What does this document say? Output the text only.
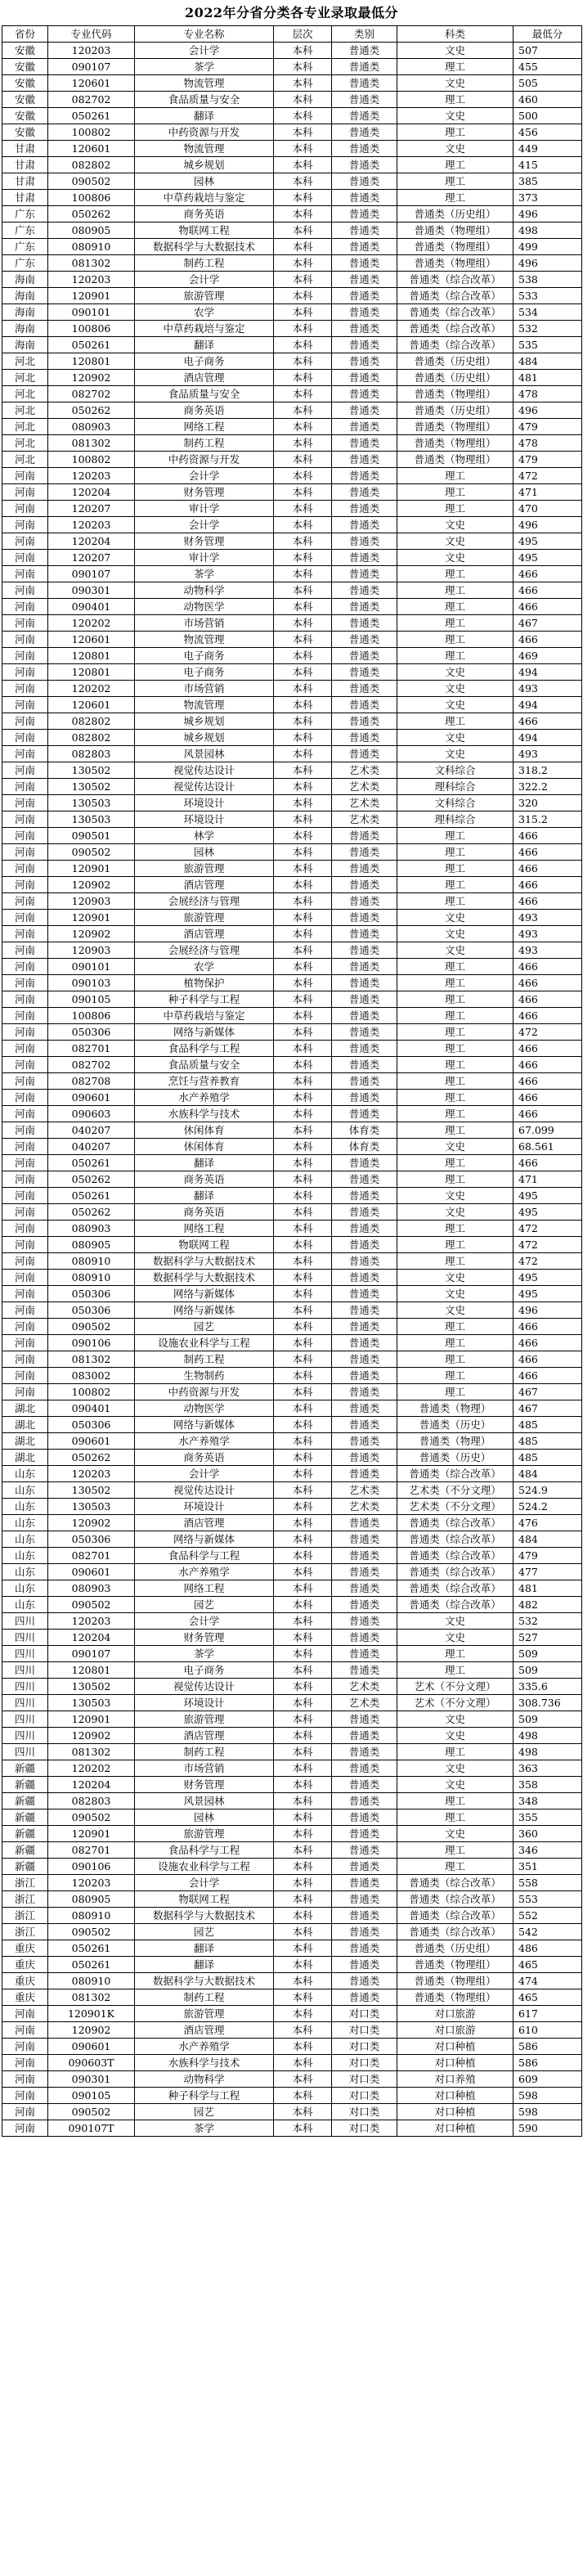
2022年分省分类各专业录取最低分
省份	专业代码	专业名称	层次	类别	科类	最低分
安徽	120203	会计学	本科	普通类	文史	507
安徽	090107	茶学	本科	普通类	理工	455
安徽	120601	物流管理	本科	普通类	文史	505
安徽	082702	食品质量与安全	本科	普通类	理工	460
安徽	050261	翻译	本科	普通类	文史	500
安徽	100802	中药资源与开发	本科	普通类	理工	456
甘肃	120601	物流管理	本科	普通类	文史	449
甘肃	082802	城乡规划	本科	普通类	理工	415
甘肃	090502	园林	本科	普通类	理工	385
甘肃	100806	中草药栽培与鉴定	本科	普通类	理工	373
广东	050262	商务英语	本科	普通类	普通类（历史组）	496
广东	080905	物联网工程	本科	普通类	普通类（物理组）	498
广东	080910	数据科学与大数据技术	本科	普通类	普通类（物理组）	499
广东	081302	制药工程	本科	普通类	普通类（物理组）	496
海南	120203	会计学	本科	普通类	普通类（综合改革）	538
海南	120901	旅游管理	本科	普通类	普通类（综合改革）	533
海南	090101	农学	本科	普通类	普通类（综合改革）	534
海南	100806	中草药栽培与鉴定	本科	普通类	普通类（综合改革）	532
海南	050261	翻译	本科	普通类	普通类（综合改革）	535
河北	120801	电子商务	本科	普通类	普通类（历史组）	484
河北	120902	酒店管理	本科	普通类	普通类（历史组）	481
河北	082702	食品质量与安全	本科	普通类	普通类（物理组）	478
河北	050262	商务英语	本科	普通类	普通类（历史组）	496
河北	080903	网络工程	本科	普通类	普通类（物理组）	479
河北	081302	制药工程	本科	普通类	普通类（物理组）	478
河北	100802	中药资源与开发	本科	普通类	普通类（物理组）	479
河南	120203	会计学	本科	普通类	理工	472
河南	120204	财务管理	本科	普通类	理工	471
河南	120207	审计学	本科	普通类	理工	470
河南	120203	会计学	本科	普通类	文史	496
河南	120204	财务管理	本科	普通类	文史	495
河南	120207	审计学	本科	普通类	文史	495
河南	090107	茶学	本科	普通类	理工	466
河南	090301	动物科学	本科	普通类	理工	466
河南	090401	动物医学	本科	普通类	理工	466
河南	120202	市场营销	本科	普通类	理工	467
河南	120601	物流管理	本科	普通类	理工	466
河南	120801	电子商务	本科	普通类	理工	469
河南	120801	电子商务	本科	普通类	文史	494
河南	120202	市场营销	本科	普通类	文史	493
河南	120601	物流管理	本科	普通类	文史	494
河南	082802	城乡规划	本科	普通类	理工	466
河南	082802	城乡规划	本科	普通类	文史	494
河南	082803	风景园林	本科	普通类	文史	493
河南	130502	视觉传达设计	本科	艺术类	文科综合	318.2
河南	130502	视觉传达设计	本科	艺术类	理科综合	322.2
河南	130503	环境设计	本科	艺术类	文科综合	320
河南	130503	环境设计	本科	艺术类	理科综合	315.2
河南	090501	林学	本科	普通类	理工	466
河南	090502	园林	本科	普通类	理工	466
河南	120901	旅游管理	本科	普通类	理工	466
河南	120902	酒店管理	本科	普通类	理工	466
河南	120903	会展经济与管理	本科	普通类	理工	466
河南	120901	旅游管理	本科	普通类	文史	493
河南	120902	酒店管理	本科	普通类	文史	493
河南	120903	会展经济与管理	本科	普通类	文史	493
河南	090101	农学	本科	普通类	理工	466
河南	090103	植物保护	本科	普通类	理工	466
河南	090105	种子科学与工程	本科	普通类	理工	466
河南	100806	中草药栽培与鉴定	本科	普通类	理工	466
河南	050306	网络与新媒体	本科	普通类	理工	472
河南	082701	食品科学与工程	本科	普通类	理工	466
河南	082702	食品质量与安全	本科	普通类	理工	466
河南	082708	烹饪与营养教育	本科	普通类	理工	466
河南	090601	水产养殖学	本科	普通类	理工	466
河南	090603	水族科学与技术	本科	普通类	理工	466
河南	040207	休闲体育	本科	体育类	理工	67.099
河南	040207	休闲体育	本科	体育类	文史	68.561
河南	050261	翻译	本科	普通类	理工	466
河南	050262	商务英语	本科	普通类	理工	471
河南	050261	翻译	本科	普通类	文史	495
河南	050262	商务英语	本科	普通类	文史	495
河南	080903	网络工程	本科	普通类	理工	472
河南	080905	物联网工程	本科	普通类	理工	472
河南	080910	数据科学与大数据技术	本科	普通类	理工	472
河南	080910	数据科学与大数据技术	本科	普通类	文史	495
河南	050306	网络与新媒体	本科	普通类	文史	495
河南	050306	网络与新媒体	本科	普通类	文史	496
河南	090502	园艺	本科	普通类	理工	466
河南	090106	设施农业科学与工程	本科	普通类	理工	466
河南	081302	制药工程	本科	普通类	理工	466
河南	083002	生物制药	本科	普通类	理工	466
河南	100802	中药资源与开发	本科	普通类	理工	467
湖北	090401	动物医学	本科	普通类	普通类（物理）	467
湖北	050306	网络与新媒体	本科	普通类	普通类（历史）	485
湖北	090601	水产养殖学	本科	普通类	普通类（物理）	485
湖北	050262	商务英语	本科	普通类	普通类（历史）	485
山东	120203	会计学	本科	普通类	普通类（综合改革）	484
山东	130502	视觉传达设计	本科	艺术类	艺术类（不分文理）	524.9
山东	130503	环境设计	本科	艺术类	艺术类（不分文理）	524.2
山东	120902	酒店管理	本科	普通类	普通类（综合改革）	476
山东	050306	网络与新媒体	本科	普通类	普通类（综合改革）	484
山东	082701	食品科学与工程	本科	普通类	普通类（综合改革）	479
山东	090601	水产养殖学	本科	普通类	普通类（综合改革）	477
山东	080903	网络工程	本科	普通类	普通类（综合改革）	481
山东	090502	园艺	本科	普通类	普通类（综合改革）	482
四川	120203	会计学	本科	普通类	文史	532
四川	120204	财务管理	本科	普通类	文史	527
四川	090107	茶学	本科	普通类	理工	509
四川	120801	电子商务	本科	普通类	理工	509
四川	130502	视觉传达设计	本科	艺术类	艺术（不分文理）	335.6
四川	130503	环境设计	本科	艺术类	艺术（不分文理）	308.736
四川	120901	旅游管理	本科	普通类	文史	509
四川	120902	酒店管理	本科	普通类	文史	498
四川	081302	制药工程	本科	普通类	理工	498
新疆	120202	市场营销	本科	普通类	文史	363
新疆	120204	财务管理	本科	普通类	文史	358
新疆	082803	风景园林	本科	普通类	理工	348
新疆	090502	园林	本科	普通类	理工	355
新疆	120901	旅游管理	本科	普通类	文史	360
新疆	082701	食品科学与工程	本科	普通类	理工	346
新疆	090106	设施农业科学与工程	本科	普通类	理工	351
浙江	120203	会计学	本科	普通类	普通类（综合改革）	558
浙江	080905	物联网工程	本科	普通类	普通类（综合改革）	553
浙江	080910	数据科学与大数据技术	本科	普通类	普通类（综合改革）	552
浙江	090502	园艺	本科	普通类	普通类（综合改革）	542
重庆	050261	翻译	本科	普通类	普通类（历史组）	486
重庆	050261	翻译	本科	普通类	普通类（物理组）	465
重庆	080910	数据科学与大数据技术	本科	普通类	普通类（物理组）	474
重庆	081302	制药工程	本科	普通类	普通类（物理组）	465
河南	120901K	旅游管理	本科	对口类	对口旅游	617
河南	120902	酒店管理	本科	对口类	对口旅游	610
河南	090601	水产养殖学	本科	对口类	对口种植	586
河南	090603T	水族科学与技术	本科	对口类	对口种植	586
河南	090301	动物科学	本科	对口类	对口养殖	609
河南	090105	种子科学与工程	本科	对口类	对口种植	598
河南	090502	园艺	本科	对口类	对口种植	598
河南	090107T	茶学	本科	对口类	对口种植	590
